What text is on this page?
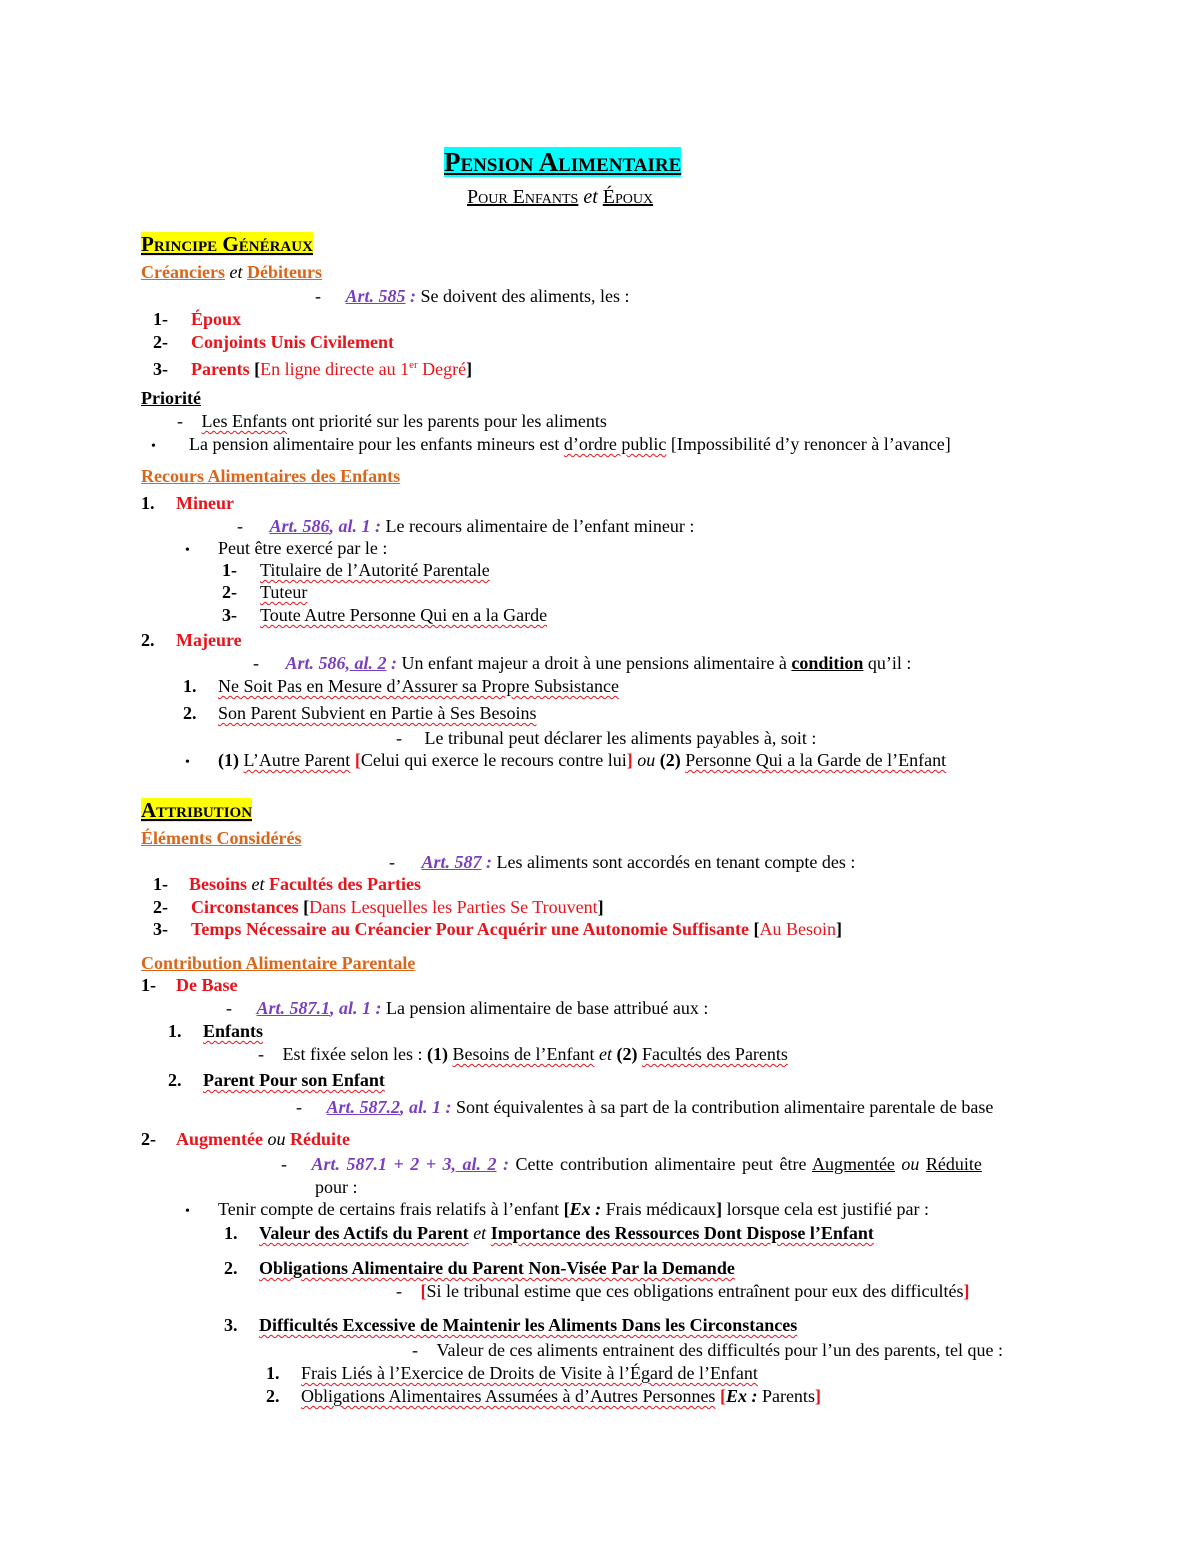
Pension Alimentaire
Pour Enfants et Époux
Principe Généraux
Créanciers et Débiteurs
- Art. 585 : Se doivent des aliments, les :
1- Époux
2- Conjoints Unis Civilement
3- Parents [En ligne directe au 1er Degré]
Priorité
- Les Enfants ont priorité sur les parents pour les aliments
• La pension alimentaire pour les enfants mineurs est d’ordre public [Impossibilité d’y renoncer à l’avance]
Recours Alimentaires des Enfants
1. Mineur
- Art. 586, al. 1 : Le recours alimentaire de l’enfant mineur :
• Peut être exercé par le :
1- Titulaire de l’Autorité Parentale
2- Tuteur
3- Toute Autre Personne Qui en a la Garde
2. Majeure
- Art. 586, al. 2 : Un enfant majeur a droit à une pensions alimentaire à condition qu’il :
1. Ne Soit Pas en Mesure d’Assurer sa Propre Subsistance
2. Son Parent Subvient en Partie à Ses Besoins
- Le tribunal peut déclarer les aliments payables à, soit :
• (1) L’Autre Parent [Celui qui exerce le recours contre lui] ou (2) Personne Qui a la Garde de l’Enfant
Attribution
Éléments Considérés
- Art. 587 : Les aliments sont accordés en tenant compte des :
1- Besoins et Facultés des Parties
2- Circonstances [Dans Lesquelles les Parties Se Trouvent]
3- Temps Nécessaire au Créancier Pour Acquérir une Autonomie Suffisante [Au Besoin]
Contribution Alimentaire Parentale
1- De Base
- Art. 587.1, al. 1 : La pension alimentaire de base attribué aux :
1. Enfants
- Est fixée selon les : (1) Besoins de l’Enfant et (2) Facultés des Parents
2. Parent Pour son Enfant
- Art. 587.2, al. 1 : Sont équivalentes à sa part de la contribution alimentaire parentale de base
2- Augmentée ou Réduite
- Art. 587.1 + 2 + 3, al. 2 : Cette contribution alimentaire peut être Augmentée ou Réduite
pour :
• Tenir compte de certains frais relatifs à l’enfant [Ex : Frais médicaux] lorsque cela est justifié par :
1. Valeur des Actifs du Parent et Importance des Ressources Dont Dispose l’Enfant
2. Obligations Alimentaire du Parent Non-Visée Par la Demande
- [Si le tribunal estime que ces obligations entraînent pour eux des difficultés]
3. Difficultés Excessive de Maintenir les Aliments Dans les Circonstances
- Valeur de ces aliments entrainent des difficultés pour l’un des parents, tel que :
1. Frais Liés à l’Exercice de Droits de Visite à l’Égard de l’Enfant
2. Obligations Alimentaires Assumées à d’Autres Personnes [Ex : Parents]
